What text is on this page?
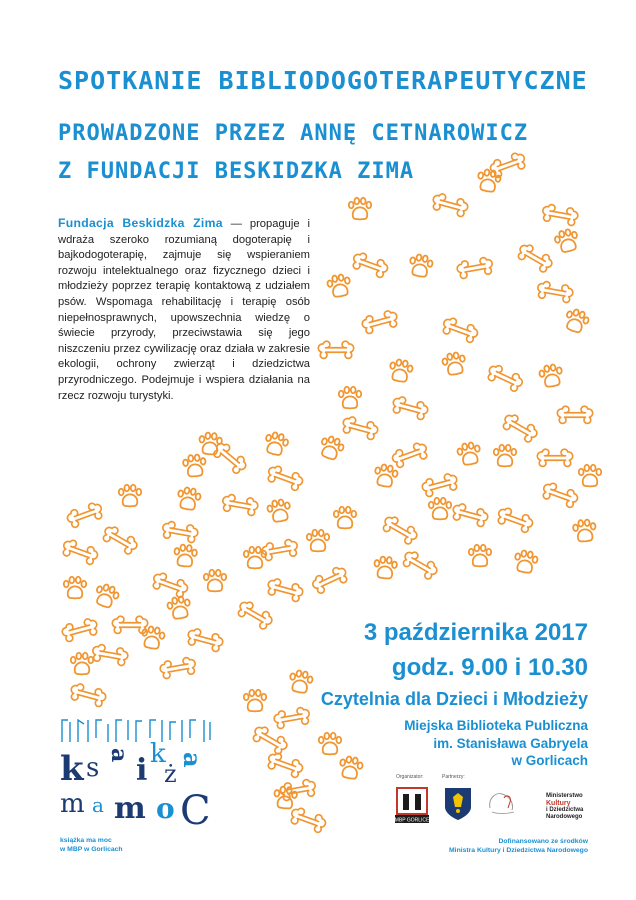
SPOTKANIE BIBLIODOGOTERAPEUTYCZNE
PROWADZONE PRZEZ ANNĘ CETNAROWICZ
Z FUNDACJI BESKIDZKA ZIMA
Fundacja Beskidzka Zima — propaguje i wdraża szeroko rozumianą dogoterapię i bajkodogoterapię, zajmuje się wspieraniem rozwoju intelektualnego oraz fizycznego dzieci i młodzieży poprzez terapię kontaktową z udziałem psów. Wspomaga rehabilitację i terapię osób niepełnosprawnych, upowszechnia wiedzę o świecie przyrody, przeciwstawia się jego niszczeniu przez cywilizację oraz działa w zakresie ekologii, ochrony zwierząt i dziedzictwa przyrodniczego. Podejmuje i wspiera działania na rzecz rozwoju turystyki.
3 października 2017
godz. 9.00 i 10.30
Czytelnia dla Dzieci i Młodzieży
Miejska Biblioteka Publiczna
im. Stanisława Gabryela
w Gorlicach
k s a i k
ż
a
m a m o C
książka ma moc
w MBP w Gorlicach
Organizator:	Partnerzy:
MBP GORLICE
Ministerstwo
Kultury
i Dziedzictwa
Narodowego
Dofinansowano ze środków
Ministra Kultury i Dziedzictwa Narodowego
